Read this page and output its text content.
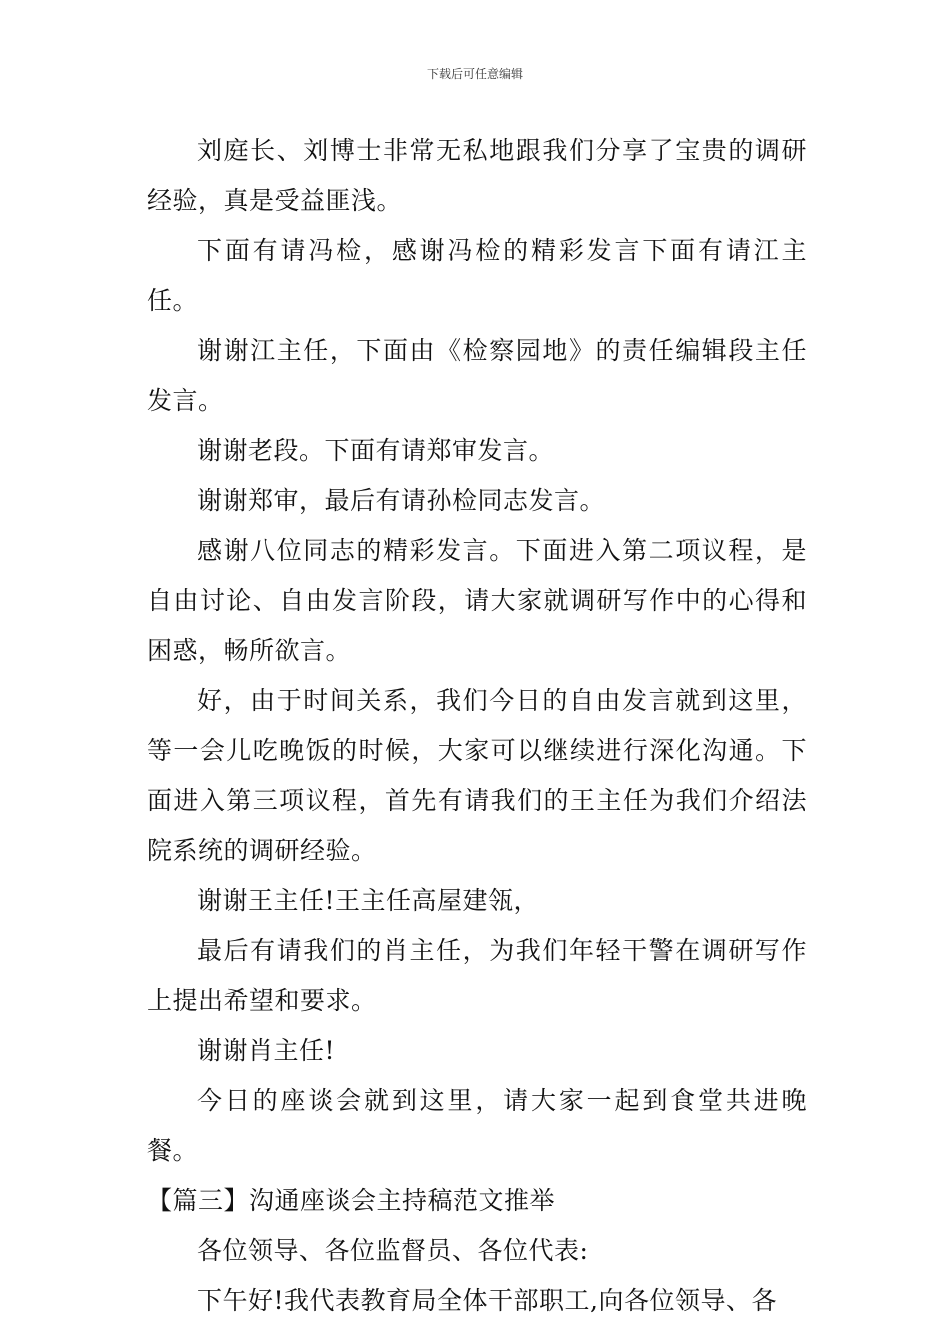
下载后可任意编辑

刘庭长、刘博士非常无私地跟我们分享了宝贵的调研经验，真是受益匪浅。

下面有请冯检，感谢冯检的精彩发言下面有请江主任。

谢谢江主任，下面由《检察园地》的责任编辑段主任发言。

谢谢老段。下面有请郑审发言。

谢谢郑审，最后有请孙检同志发言。

感谢八位同志的精彩发言。下面进入第二项议程，是自由讨论、自由发言阶段，请大家就调研写作中的心得和困惑，畅所欲言。

好，由于时间关系，我们今日的自由发言就到这里，等一会儿吃晚饭的时候，大家可以继续进行深化沟通。下面进入第三项议程，首先有请我们的王主任为我们介绍法院系统的调研经验。

谢谢王主任!王主任高屋建瓴，

最后有请我们的肖主任，为我们年轻干警在调研写作上提出希望和要求。

谢谢肖主任!

今日的座谈会就到这里，请大家一起到食堂共进晚餐。

【篇三】沟通座谈会主持稿范文推举

各位领导、各位监督员、各位代表:

下午好!我代表教育局全体干部职工,向各位领导、各
